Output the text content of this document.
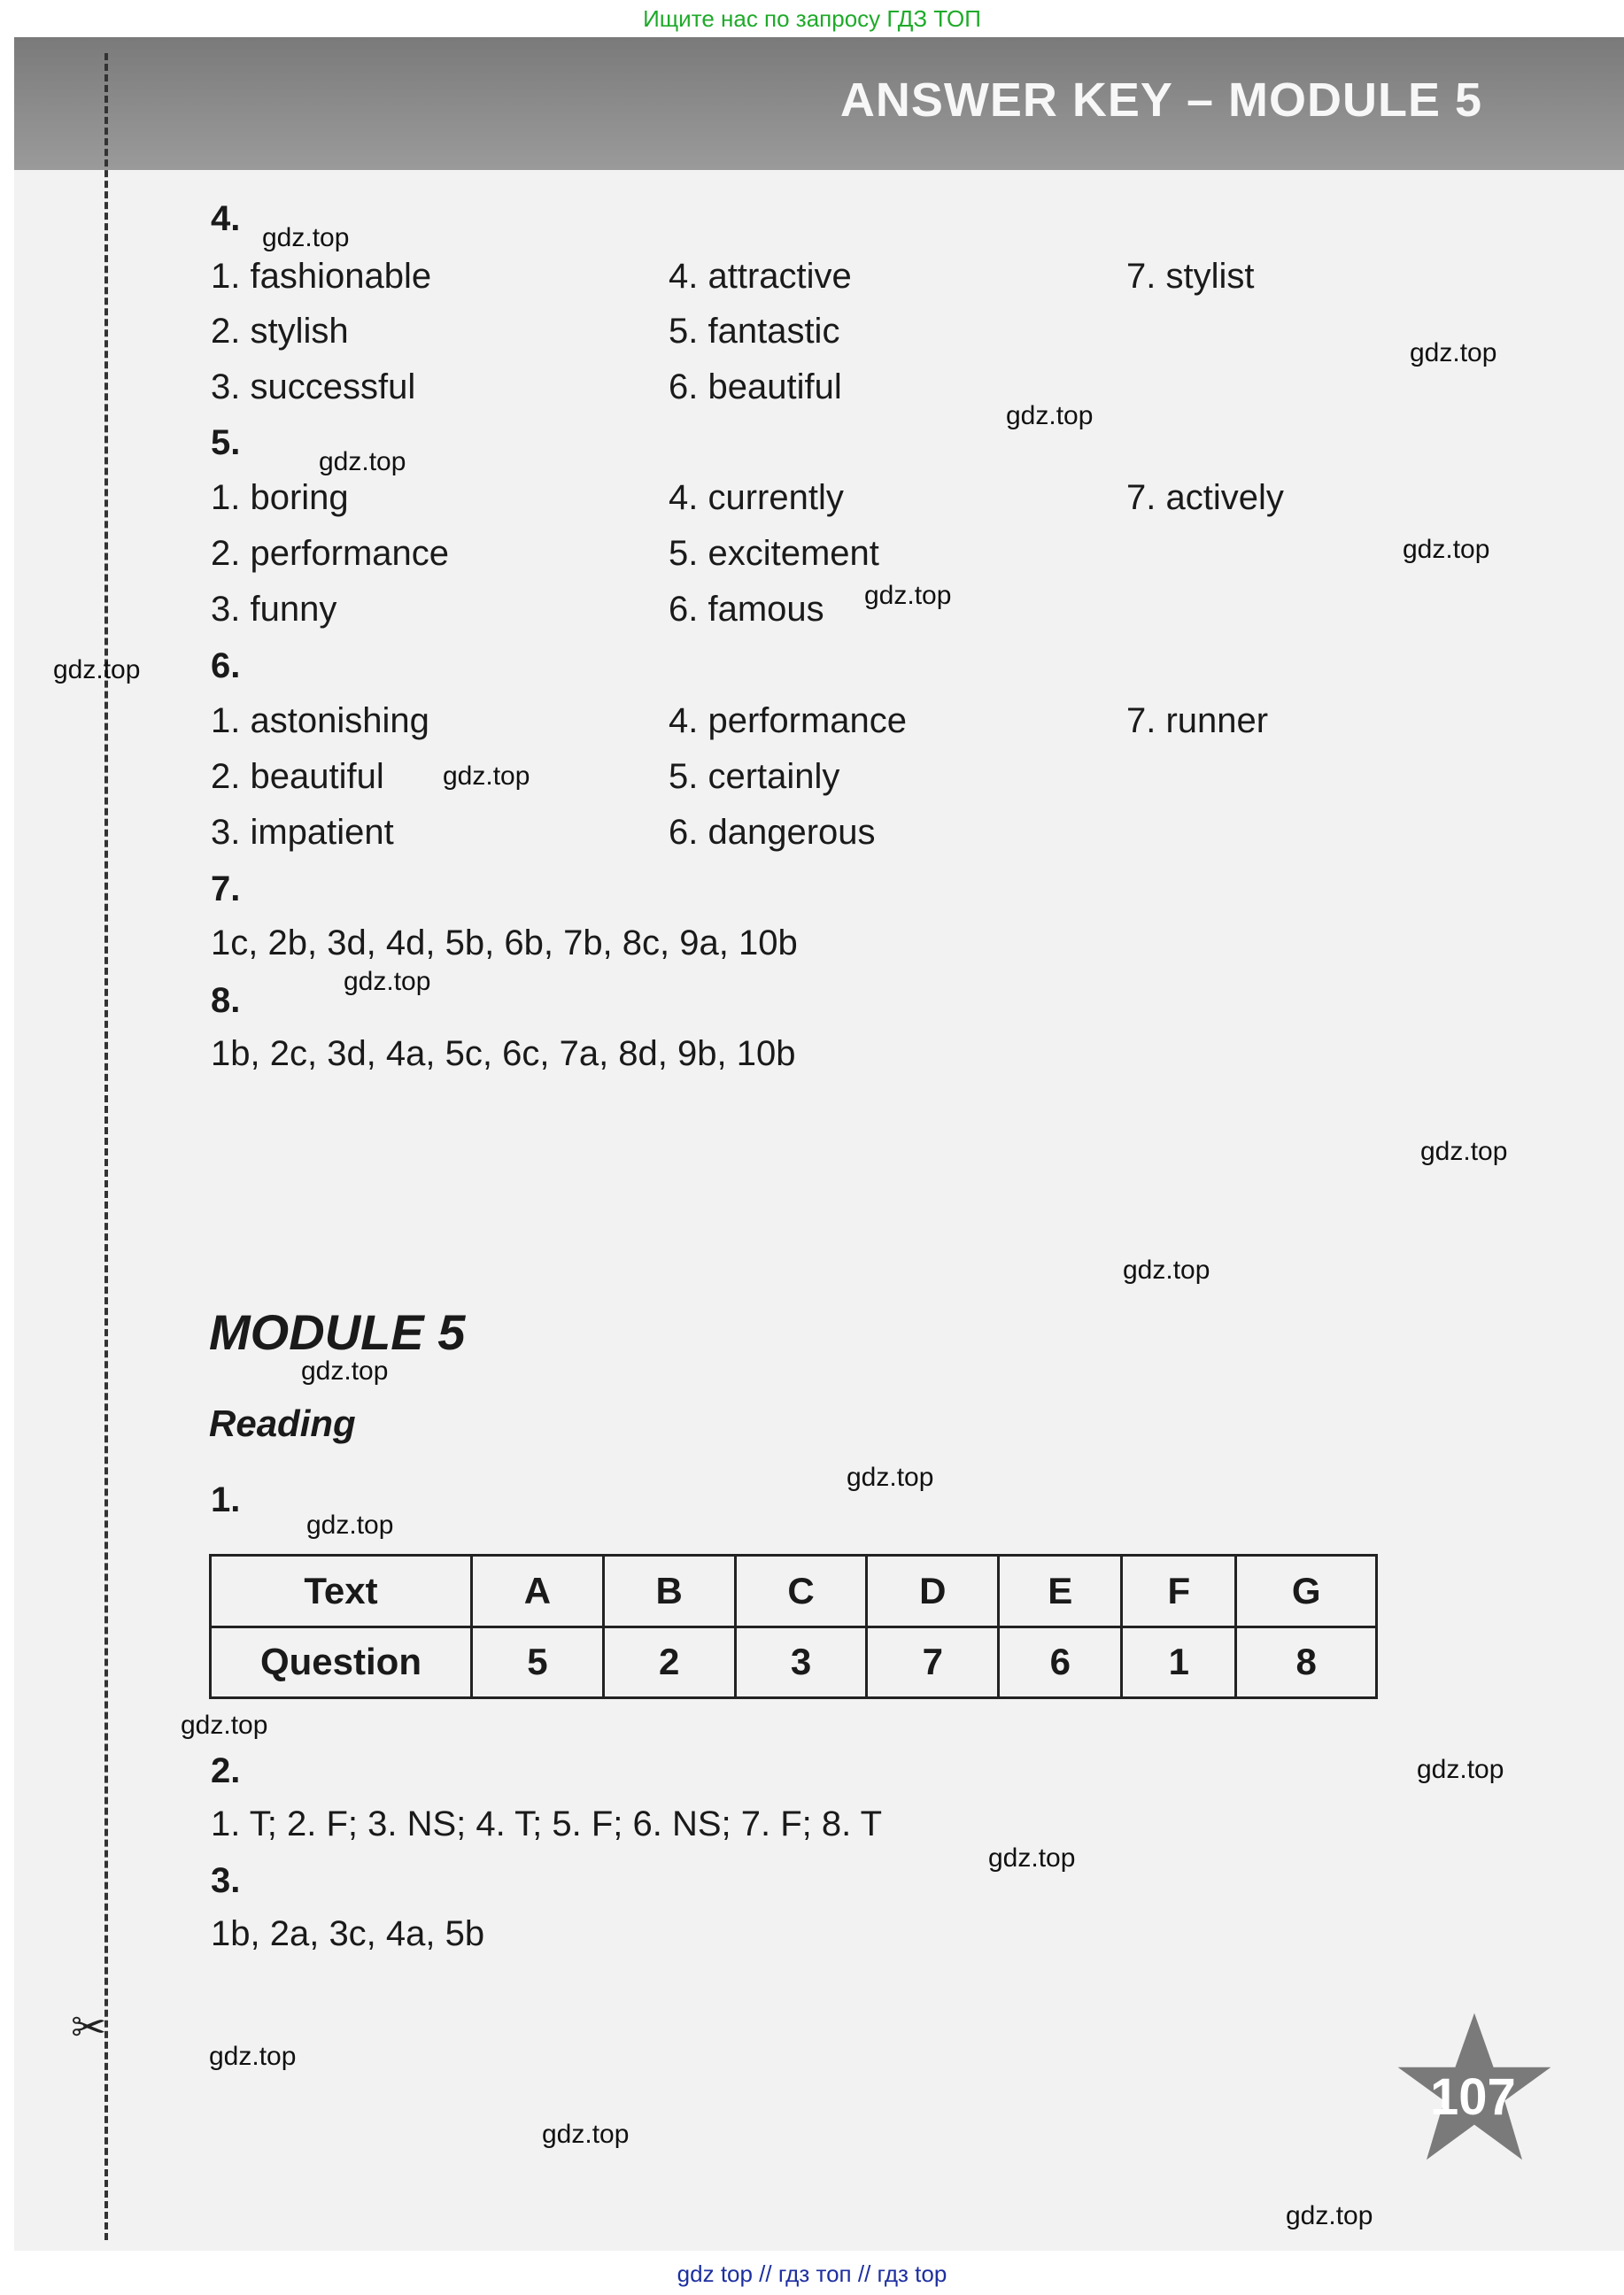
Ищите нас по запросу ГДЗ ТОП
ANSWER KEY – MODULE 5
✂
4.
1. fashionable
2. stylish
3. successful
4. attractive
5. fantastic
6. beautiful
7. stylist
5.
1. boring
2. performance
3. funny
4. currently
5. excitement
6. famous
7. actively
6.
1. astonishing
2. beautiful
3. impatient
4. performance
5. certainly
6. dangerous
7. runner
7.
1c, 2b, 3d, 4d, 5b, 6b, 7b, 8c, 9a, 10b
8.
1b, 2c, 3d, 4a, 5c, 6c, 7a, 8d, 9b, 10b
MODULE 5
Reading
1.
Text	A	B	C	D	E	F	G
Question	5	2	3	7	6	1	8
2.
1. T; 2. F; 3. NS; 4. T; 5. F; 6. NS; 7. F; 8. T
3.
1b, 2a, 3c, 4a, 5b
107
gdz.top
gdz.top
gdz.top
gdz.top
gdz.top
gdz.top
gdz.top
gdz.top
gdz.top
gdz.top
gdz.top
gdz.top
gdz.top
gdz.top
gdz.top
gdz.top
gdz.top
gdz.top
gdz.top
gdz.top
gdz top // гдз топ // гдз top
